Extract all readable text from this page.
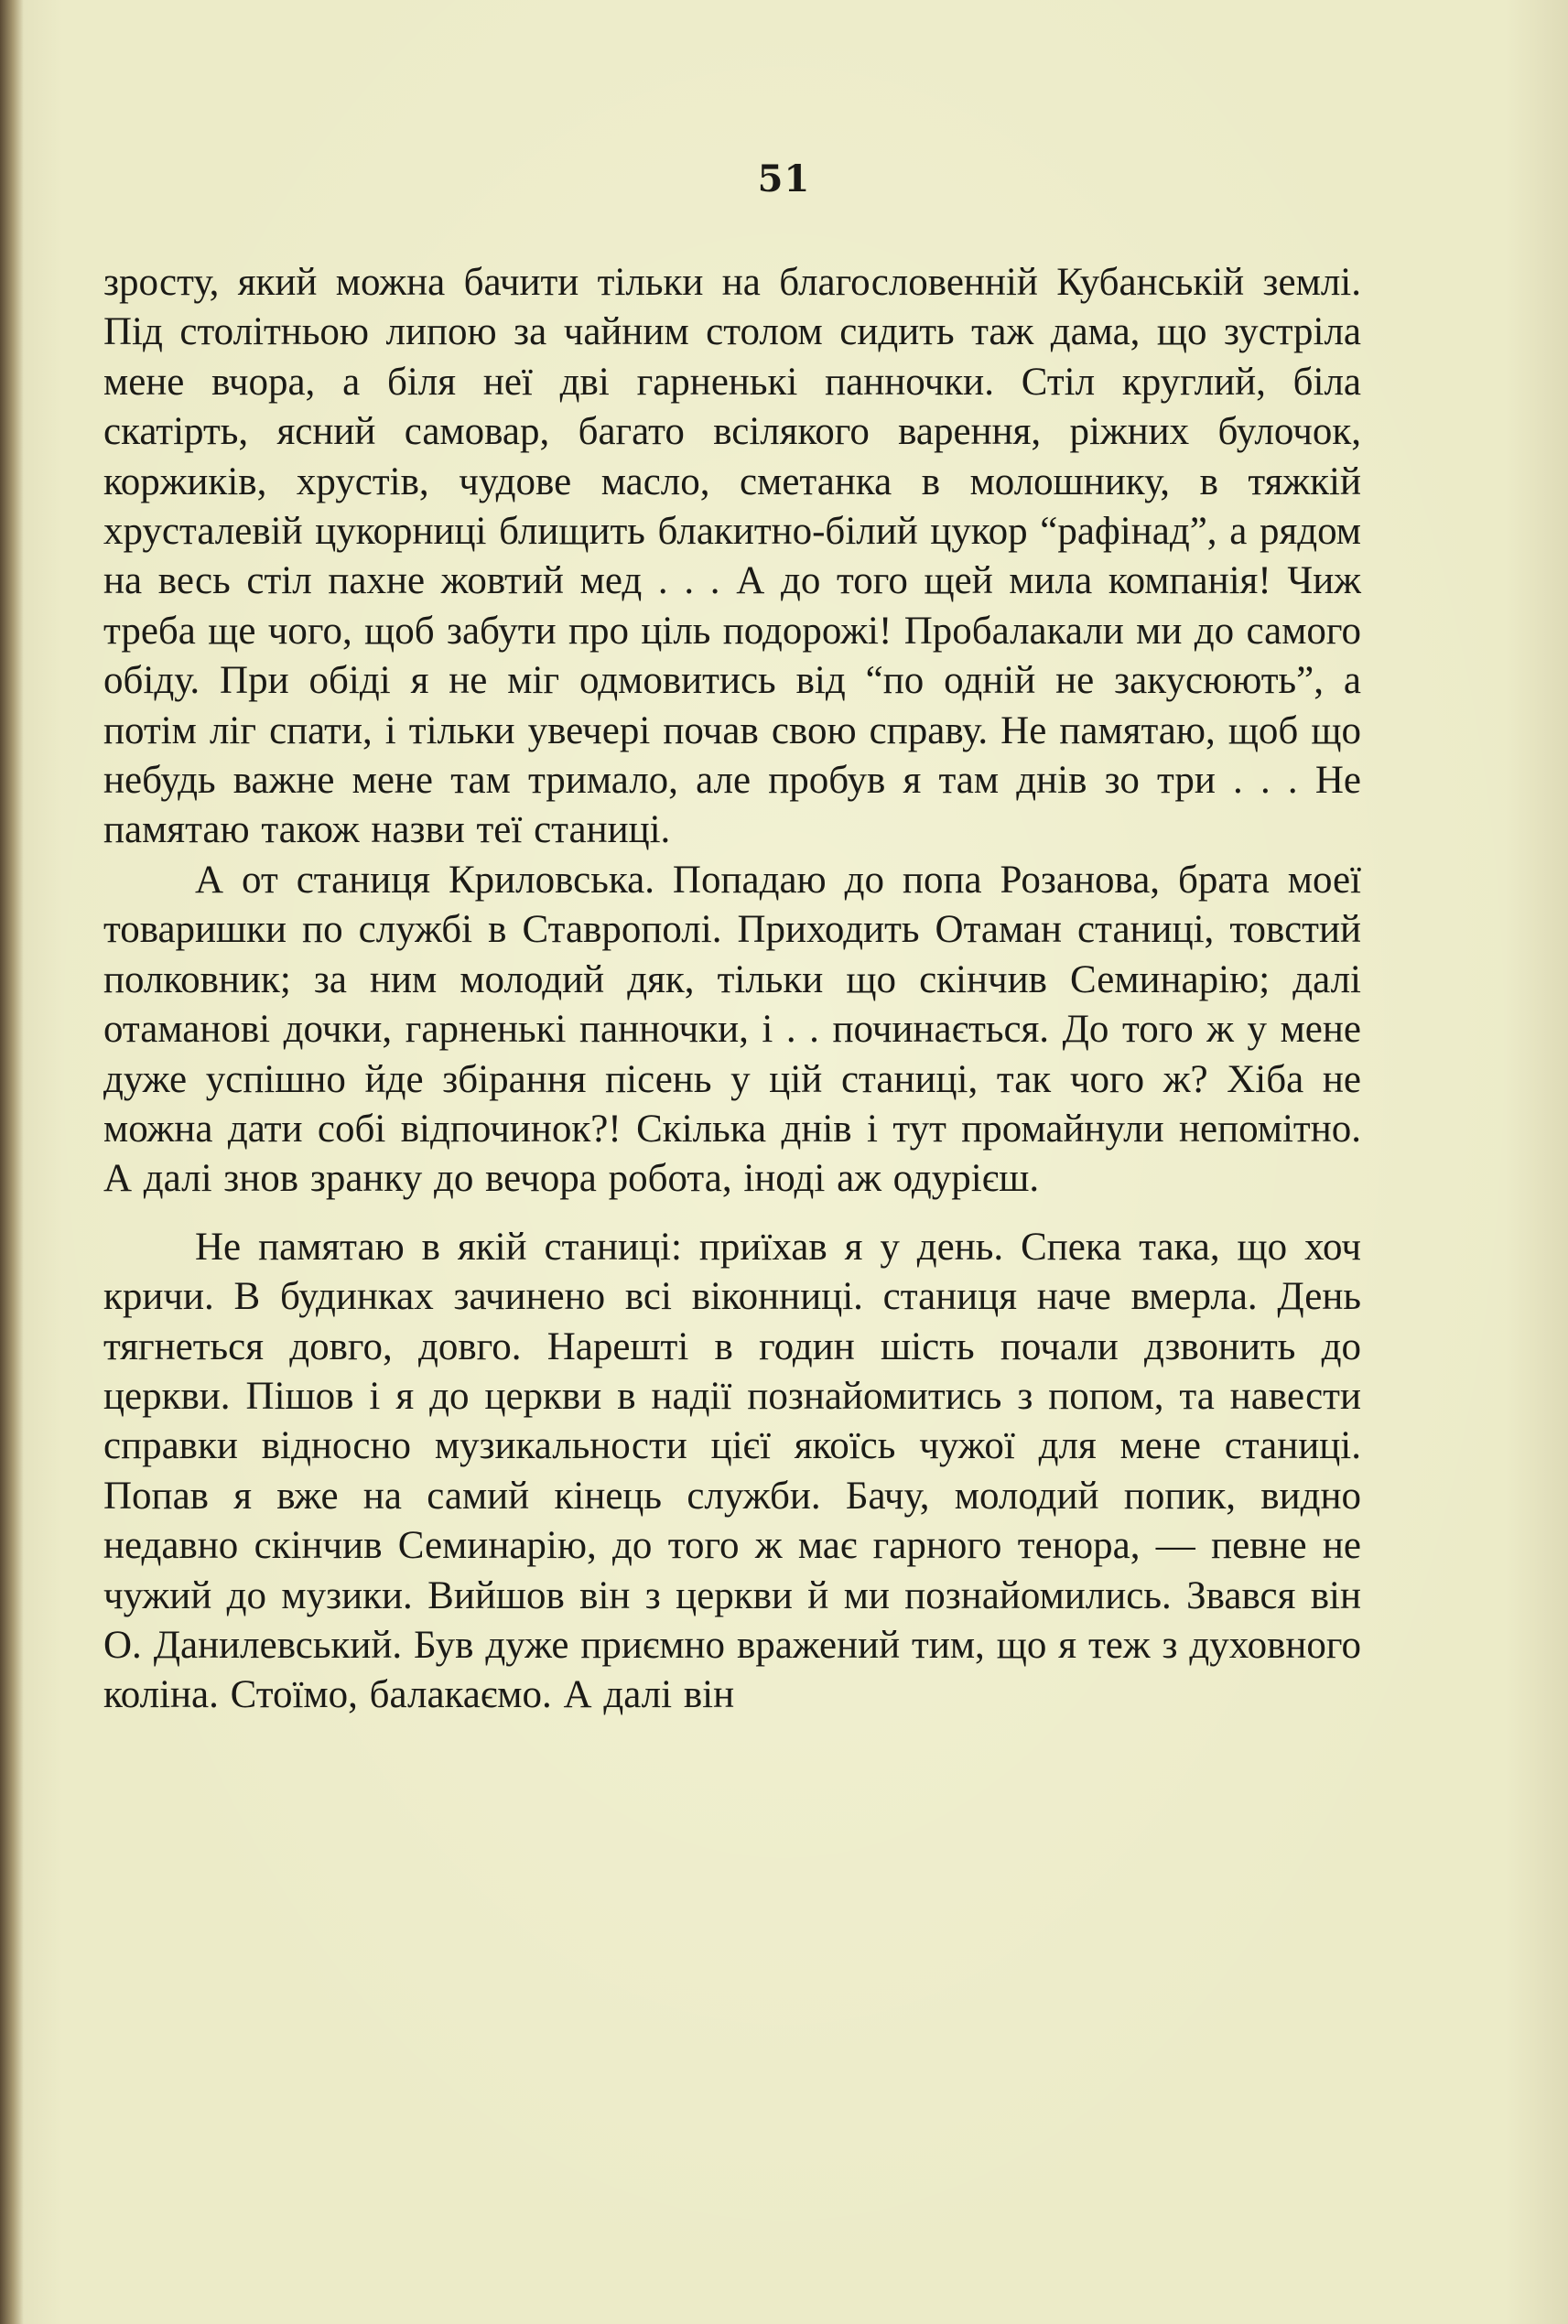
51

зросту, який можна бачити тільки на благословенній Кубанській землі. Під столітньою липою за чайним столом сидить таж дама, що зустріла мене вчора, а біля неї дві гарненькі панночки. Стіл круглий, біла скатірть, ясний самовар, багато всілякого варення, ріжних булочок, коржиків, хрустів, чудове масло, сметанка в молошнику, в тяжкій хрусталевій цукорниці блищить блакитно-білий цукор “рафінад”, а рядом на весь стіл пахне жовтий мед . . . А до того щей мила компанія! Чиж треба ще чого, щоб забути про ціль подорожі! Пробалакали ми до самого обіду. При обіді я не міг одмовитись від “по одній не закусюють”, а потім ліг спати, і тільки увечері почав свою справу. Не памятаю, щоб що небудь важне мене там тримало, але пробув я там днів зо три . . . Не памятаю також назви теї станиці.

А от станиця Криловська. Попадаю до попа Розанова, брата моеї товаришки по службі в Ставрополі. Приходить Отаман станиці, товстий полковник; за ним молодий дяк, тільки що скінчив Семинарію; далі отаманові дочки, гарненькі панночки, і . . починається. До того ж у мене дуже успішно йде збірання пісень у цій станиці, так чого ж? Хіба не можна дати собі відпочинок?! Скілька днів і тут промайнули непомітно. А далі знов зранку до вечора робота, іноді аж одурієш.

Не памятаю в якій станиці: приїхав я у день. Спека така, що хоч кричи. В будинках зачинено всі віконниці. станиця наче вмерла. День тягнеться довго, довго. Нарешті в годин шість почали дзвонить до церкви. Пішов і я до церкви в надії познайомитись з попом, та навести справки відносно музикальности цієї якоїсь чужої для мене станиці. Попав я вже на самий кінець служби. Бачу, молодий попик, видно недавно скінчив Семинарію, до того ж має гарного тенора, — певне не чужий до музики. Вийшов він з церкви й ми познайомились. Звався він О. Данилевський. Був дуже приємно вражений тим, що я теж з духовного коліна. Стоїмо, балакаємо. А далі він
